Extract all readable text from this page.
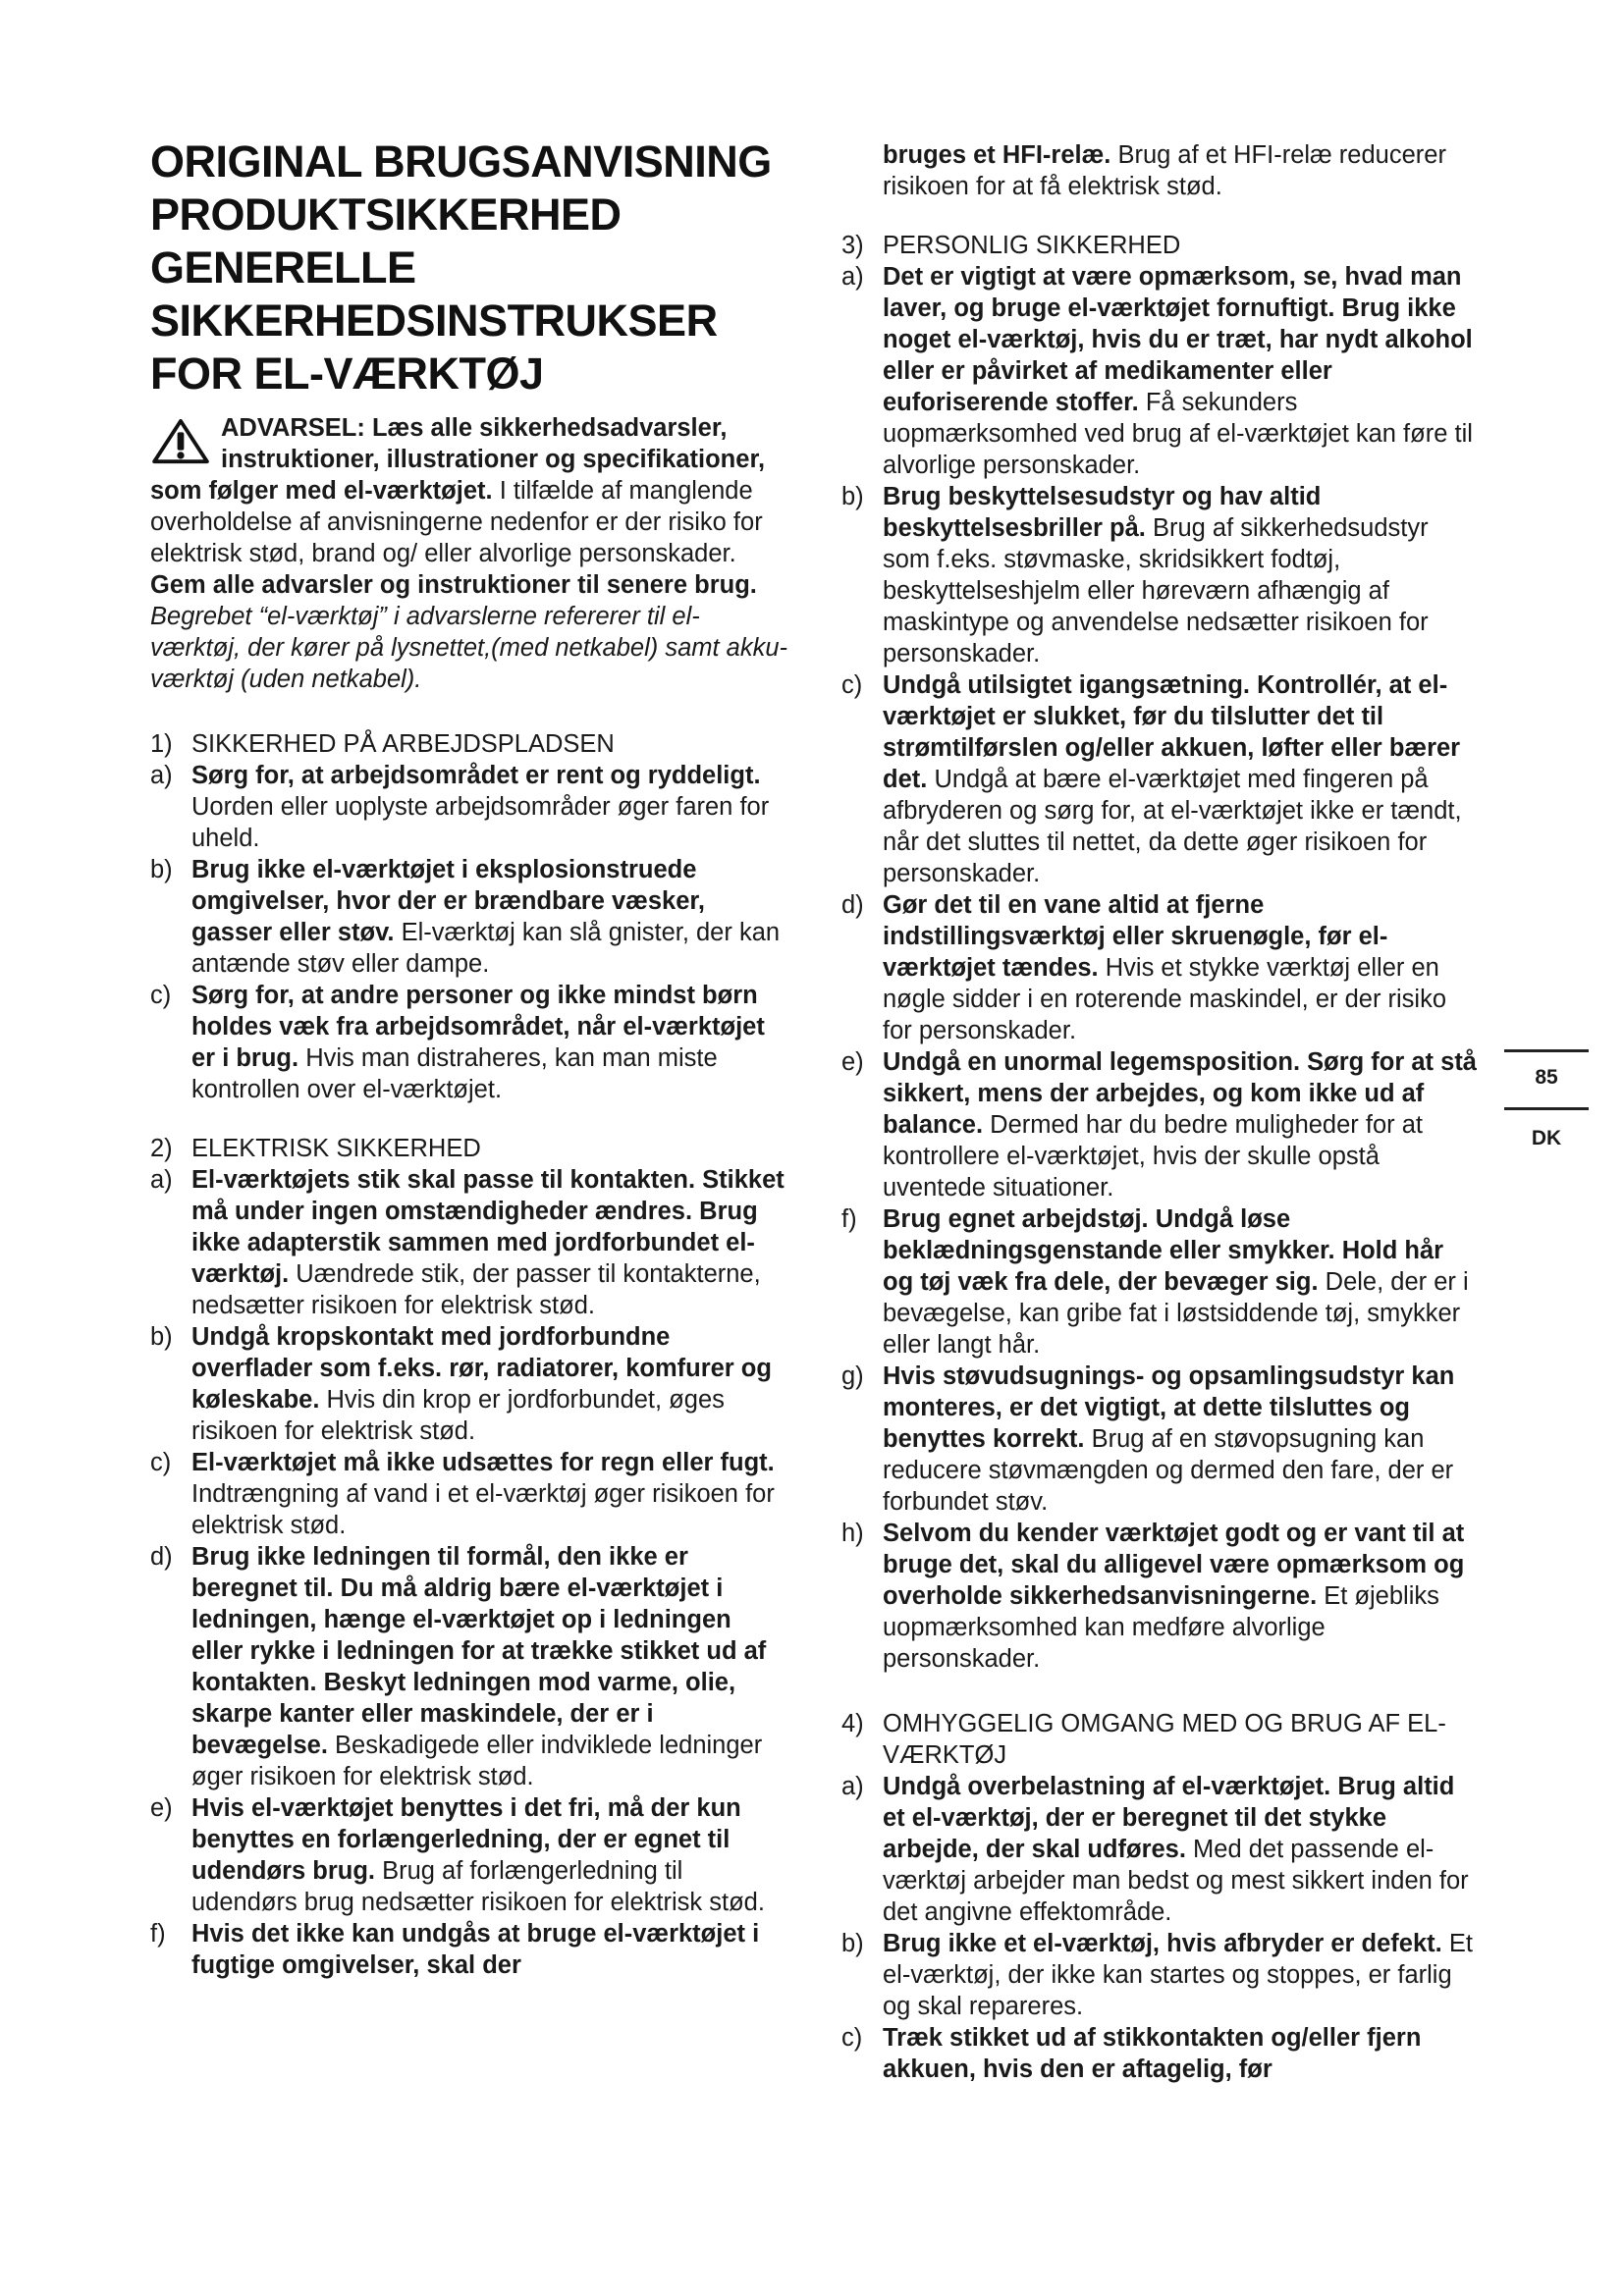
ORIGINAL BRUGSANVISNING
PRODUKTSIKKERHED
GENERELLE
SIKKERHEDSINSTRUKSER
FOR EL-VÆRKTØJ

ADVARSEL: Læs alle sikkerhedsadvarsler, instruktioner, illustrationer og specifikationer, som følger med el-værktøjet. I tilfælde af manglende overholdelse af anvisningerne nedenfor er der risiko for elektrisk stød, brand og/ eller alvorlige personskader.

Gem alle advarsler og instruktioner til senere brug.

Begrebet “el-værktøj” i advarslerne refererer til el-værktøj, der kører på lysnettet,(med netkabel) samt akku-værktøj (uden netkabel).

1) SIKKERHED PÅ ARBEJDSPLADSEN
a) Sørg for, at arbejdsområdet er rent og ryddeligt. Uorden eller uoplyste arbejdsområder øger faren for uheld.

b) Brug ikke el-værktøjet i eksplosionstruede omgivelser, hvor der er brændbare væsker, gasser eller støv. El-værktøj kan slå gnister, der kan antænde støv eller dampe.

c) Sørg for, at andre personer og ikke mindst børn holdes væk fra arbejdsområdet, når el-værktøjet er i brug. Hvis man distraheres, kan man miste kontrollen over el-værktøjet.

2) ELEKTRISK SIKKERHED
a) El-værktøjets stik skal passe til kontakten. Stikket må under ingen omstændigheder ændres. Brug ikke adapterstik sammen med jordforbundet el-værktøj. Uændrede stik, der passer til kontakterne, nedsætter risikoen for elektrisk stød.

b) Undgå kropskontakt med jordforbundne overflader som f.eks. rør, radiatorer, komfurer og køleskabe. Hvis din krop er jordforbundet, øges risikoen for elektrisk stød.

c) El-værktøjet må ikke udsættes for regn eller fugt. Indtrængning af vand i et el-værktøj øger risikoen for elektrisk stød.

d) Brug ikke ledningen til formål, den ikke er beregnet til. Du må aldrig bære el-værktøjet i ledningen, hænge el-værktøjet op i ledningen eller rykke i ledningen for at trække stikket ud af kontakten. Beskyt ledningen mod varme, olie, skarpe kanter eller maskindele, der er i bevægelse. Beskadigede eller indviklede ledninger øger risikoen for elektrisk stød.

e) Hvis el-værktøjet benyttes i det fri, må der kun benyttes en forlængerledning, der er egnet til udendørs brug. Brug af forlængerledning til udendørs brug nedsætter risikoen for elektrisk stød.

f)	Hvis det ikke kan undgås at bruge el-værktøjet i fugtige omgivelser, skal der

bruges et HFI-relæ. Brug af et HFI-relæ reducerer risikoen for at få elektrisk stød.

3) PERSONLIG SIKKERHED
a) Det er vigtigt at være opmærksom, se, hvad man laver, og bruge el-værktøjet fornuftigt. Brug ikke noget el-værktøj, hvis du er træt, har nydt alkohol eller er påvirket af medikamenter eller euforiserende stoffer. Få sekunders uopmærksomhed ved brug af el-værktøjet kan føre til alvorlige personskader.

b) Brug beskyttelsesudstyr og hav altid beskyttelsesbriller på. Brug af sikkerhedsudstyr som f.eks. støvmaske, skridsikkert fodtøj, beskyttelseshjelm eller høreværn afhængig af maskintype og anvendelse nedsætter risikoen for personskader.

c) Undgå utilsigtet igangsætning. Kontrollér, at el-værktøjet er slukket, før du tilslutter det til strømtilførslen og/eller akkuen, løfter eller bærer det. Undgå at bære el-værktøjet med fingeren på afbryderen og sørg for, at el-værktøjet ikke er tændt, når det sluttes til nettet, da dette øger risikoen for personskader.

d) Gør det til en vane altid at fjerne indstillingsværktøj eller skruenøgle, før el-værktøjet tændes. Hvis et stykke værktøj eller en nøgle sidder i en roterende maskindel, er der risiko for personskader.

e) Undgå en unormal legemsposition. Sørg for at stå sikkert, mens der arbejdes, og kom ikke ud af balance. Dermed har du bedre muligheder for at kontrollere el-værktøjet, hvis der skulle opstå uventede situationer.

f)	Brug egnet arbejdstøj. Undgå løse beklædningsgenstande eller smykker. Hold hår og tøj væk fra dele, der bevæger sig. Dele, der er i bevægelse, kan gribe fat i løstsiddende tøj, smykker eller langt hår.

g) Hvis støvudsugnings- og opsamlingsudstyr kan monteres, er det vigtigt, at dette tilsluttes og benyttes korrekt. Brug af en støvopsugning kan reducere støvmængden og dermed den fare, der er forbundet støv.

h) Selvom du kender værktøjet godt og er vant til at bruge det, skal du alligevel være opmærksom og overholde sikkerhedsanvisningerne. Et øjebliks uopmærksomhed kan medføre alvorlige personskader.

4) OMHYGGELIG OMGANG MED OG BRUG AF EL-VÆRKTØJ
a) Undgå overbelastning af el-værktøjet. Brug altid et el-værktøj, der er beregnet til det stykke arbejde, der skal udføres. Med det passende el-værktøj arbejder man bedst og mest sikkert inden for det angivne effektområde.

b) Brug ikke et el-værktøj, hvis afbryder er defekt. Et el-værktøj, der ikke kan startes og stoppes, er farlig og skal repareres.

c) Træk stikket ud af stikkontakten og/eller fjern akkuen, hvis den er aftagelig, før

85
DK
